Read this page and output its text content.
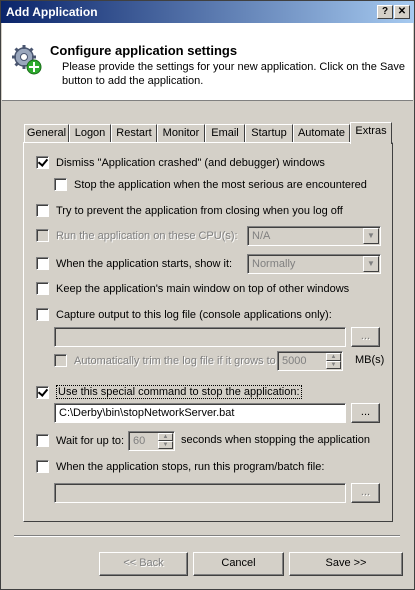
Add Application	? ✕
Configure application settings
Please provide the settings for your new application. Click on the Save button to add the application.
General Logon Restart Monitor	Email	Startup	Automate Extras
Dismiss "Application crashed" (and debugger) windows
Stop the application when the most serious are encountered
Try to prevent the application from closing when you log off
Run the application on these CPU(s):	N/A	▼
When the application starts, show it:	Normally	▼
Keep the application's main window on top of other windows
Capture output to this log file (console applications only):
...
Automatically trim the log file if it grows to 5000	▲
▼	MB(s)
Use this special command to stop the application:
C:\Derby\bin\stopNetworkServer.bat	...
Wait for up to: 60	▲
▼	seconds when stopping the application
When the application stops, run this program/batch file:
...
<< Back	Cancel	Save >>
